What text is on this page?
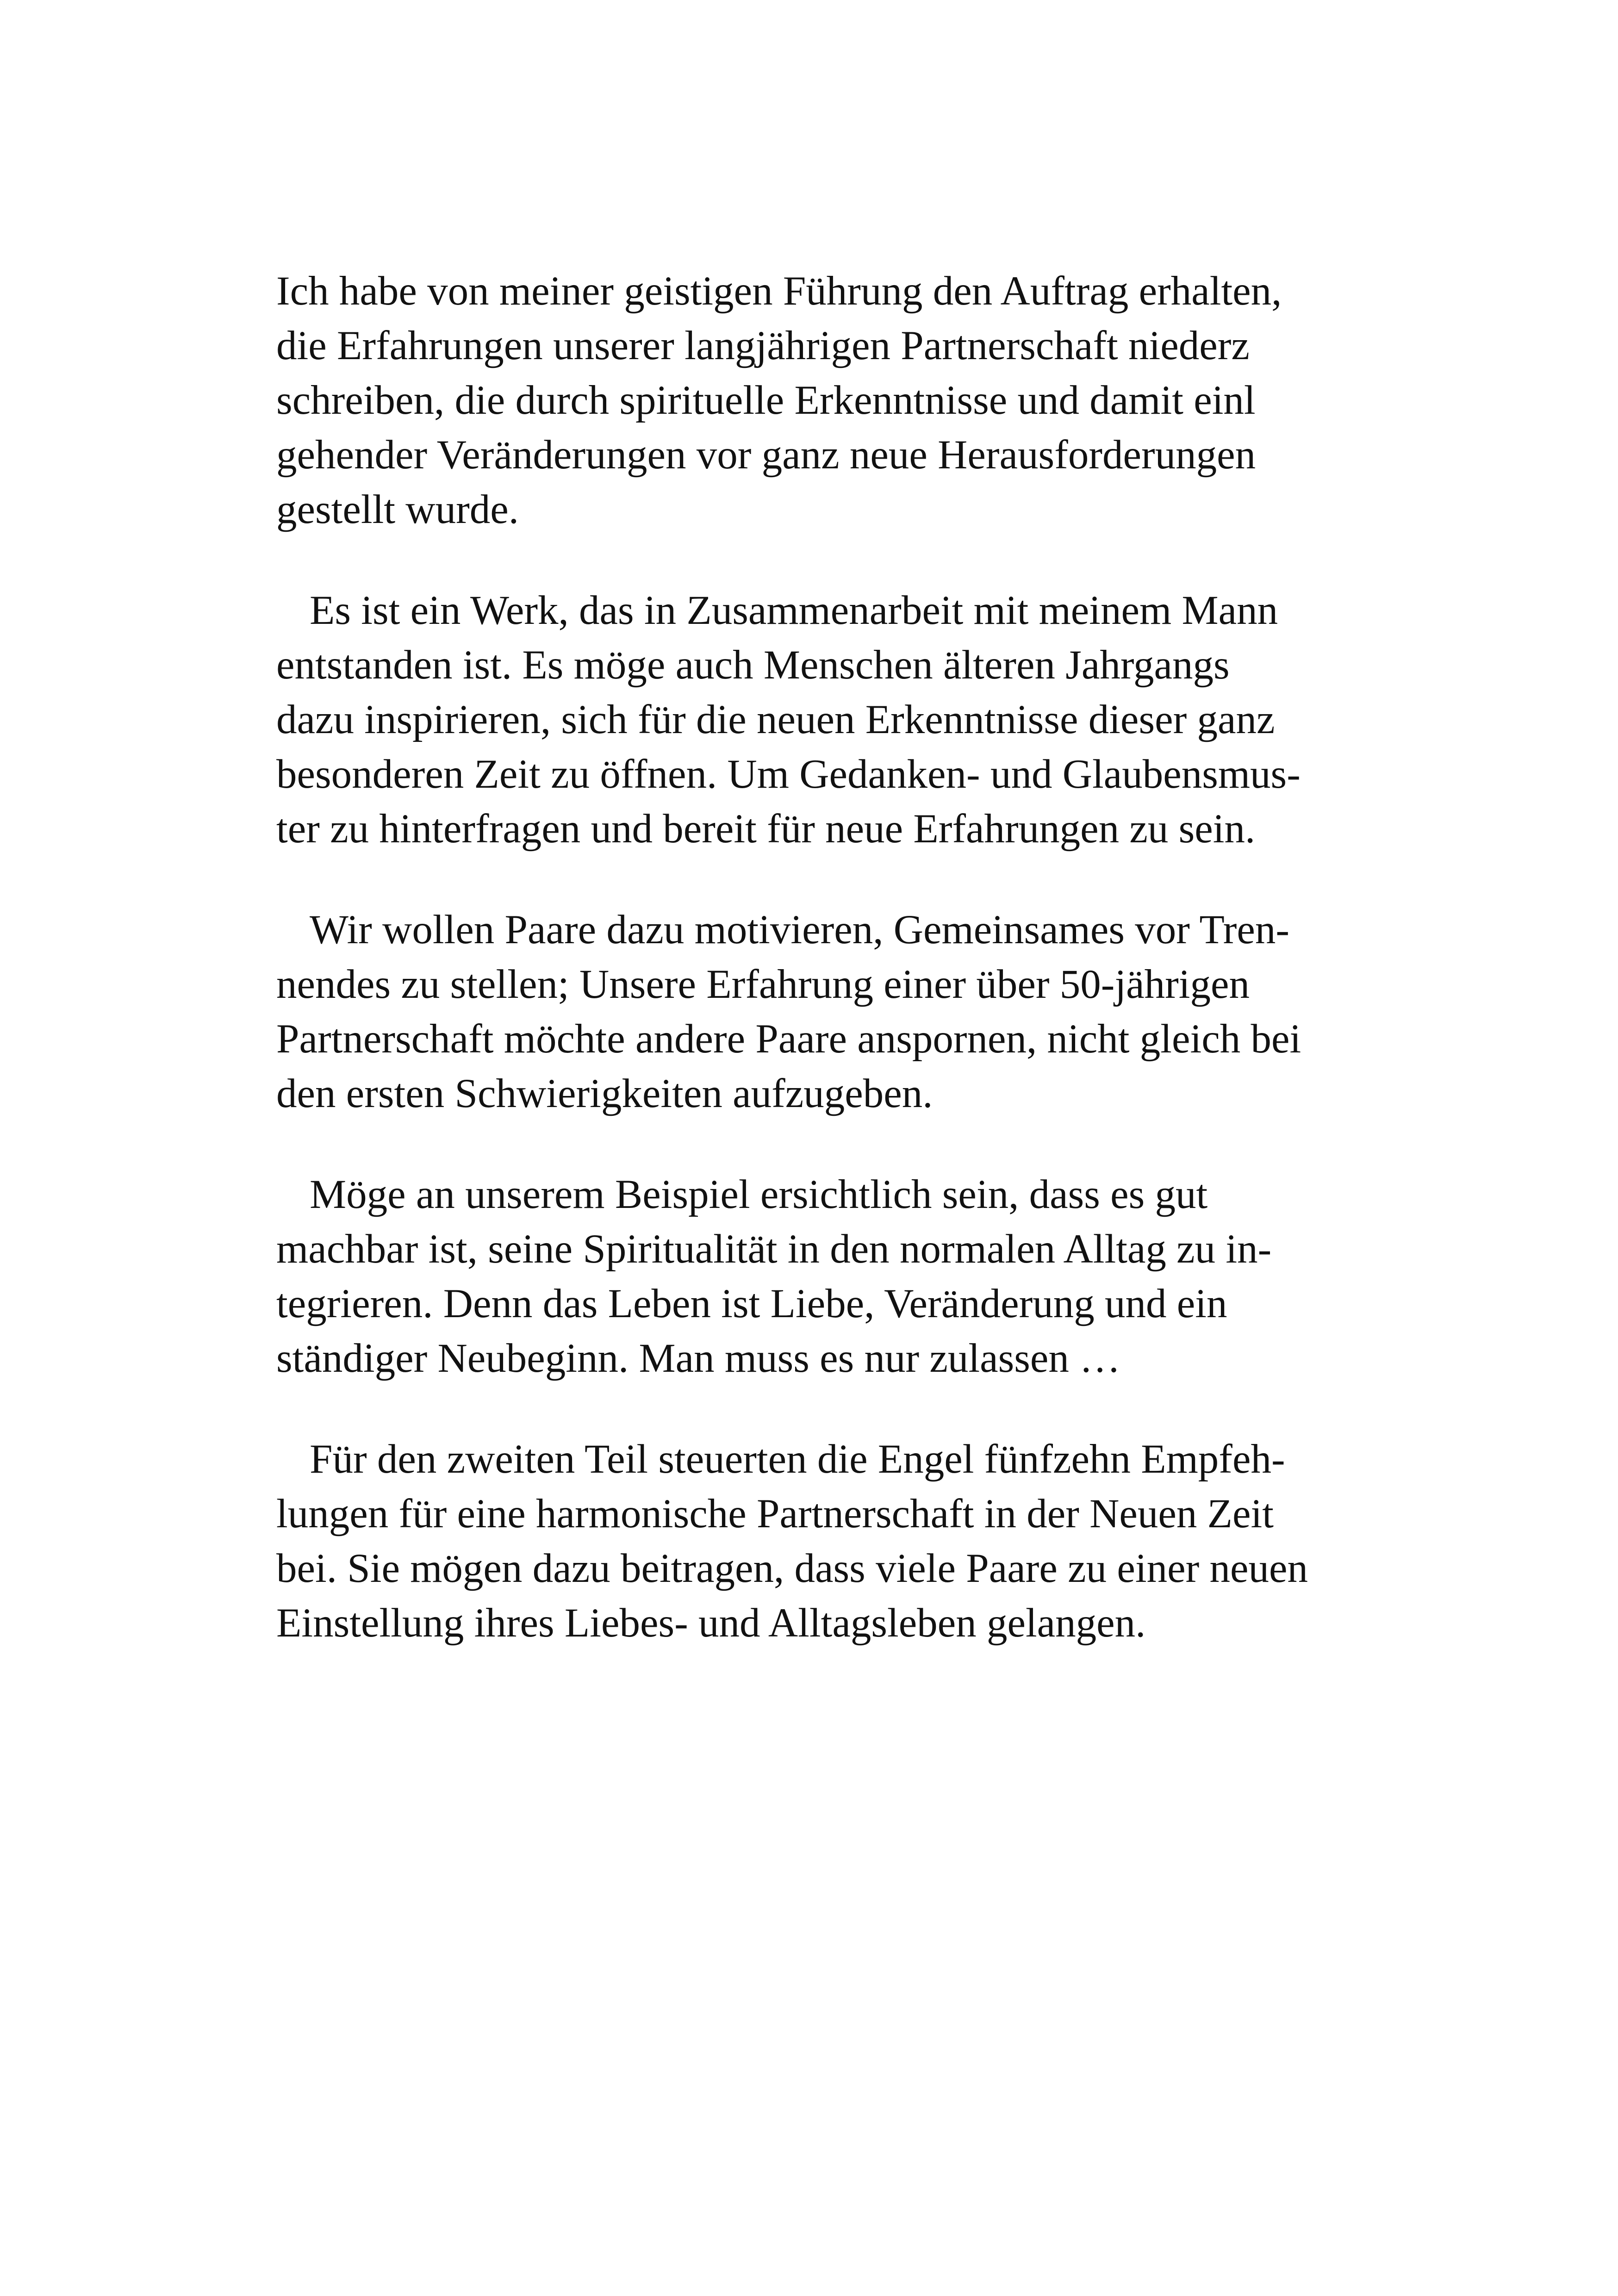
Ich habe von meiner geistigen Führung den Auftrag erhalten,
die Erfahrungen unserer langjährigen Partnerschaft niederz
schreiben, die durch spirituelle Erkenntnisse und damit einl
gehender Veränderungen vor ganz neue Herausforderungen
gestellt wurde.

Es ist ein Werk, das in Zusammenarbeit mit meinem Mann
entstanden ist. Es möge auch Menschen älteren Jahrgangs
dazu inspirieren, sich für die neuen Erkenntnisse dieser ganz
besonderen Zeit zu öffnen. Um Gedanken- und Glaubensmus-
ter zu hinterfragen und bereit für neue Erfahrungen zu sein.

Wir wollen Paare dazu motivieren, Gemeinsames vor Tren-
nendes zu stellen; Unsere Erfahrung einer über 50-jährigen
Partnerschaft möchte andere Paare anspornen, nicht gleich bei
den ersten Schwierigkeiten aufzugeben.

Möge an unserem Beispiel ersichtlich sein, dass es gut
machbar ist, seine Spiritualität in den normalen Alltag zu in-
tegrieren. Denn das Leben ist Liebe, Veränderung und ein
ständiger Neubeginn. Man muss es nur zulassen …

Für den zweiten Teil steuerten die Engel fünfzehn Empfeh-
lungen für eine harmonische Partnerschaft in der Neuen Zeit
bei. Sie mögen dazu beitragen, dass viele Paare zu einer neuen
Einstellung ihres Liebes- und Alltagsleben gelangen.
